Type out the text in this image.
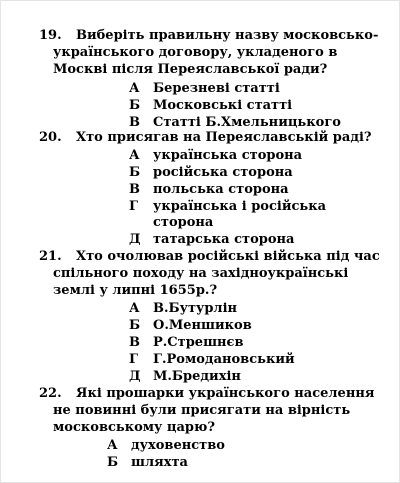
19. Виберіть правильну назву московсько-
українського договору, укладеного в
Москві після Переяславської ради?
А Березневі статті
Б Московські статті
В Статті Б.Хмельницького
20. Хто присягав на Переяславській раді?
А українська сторона
Б російська сторона
В польська сторона
Г українська і російська
сторона
Д татарська сторона
21. Хто очолював російські війська під час
спільного походу на західноукраїнські
землі у липні 1655р.?
А В.Бутурлін
Б О.Меншиков
В Р.Стрешнєв
Г Г.Ромодановський
Д М.Бредихін
22. Які прошарки українського населення
не повинні були присягати на вірність
московському царю?
А духовенство
Б шляхта
